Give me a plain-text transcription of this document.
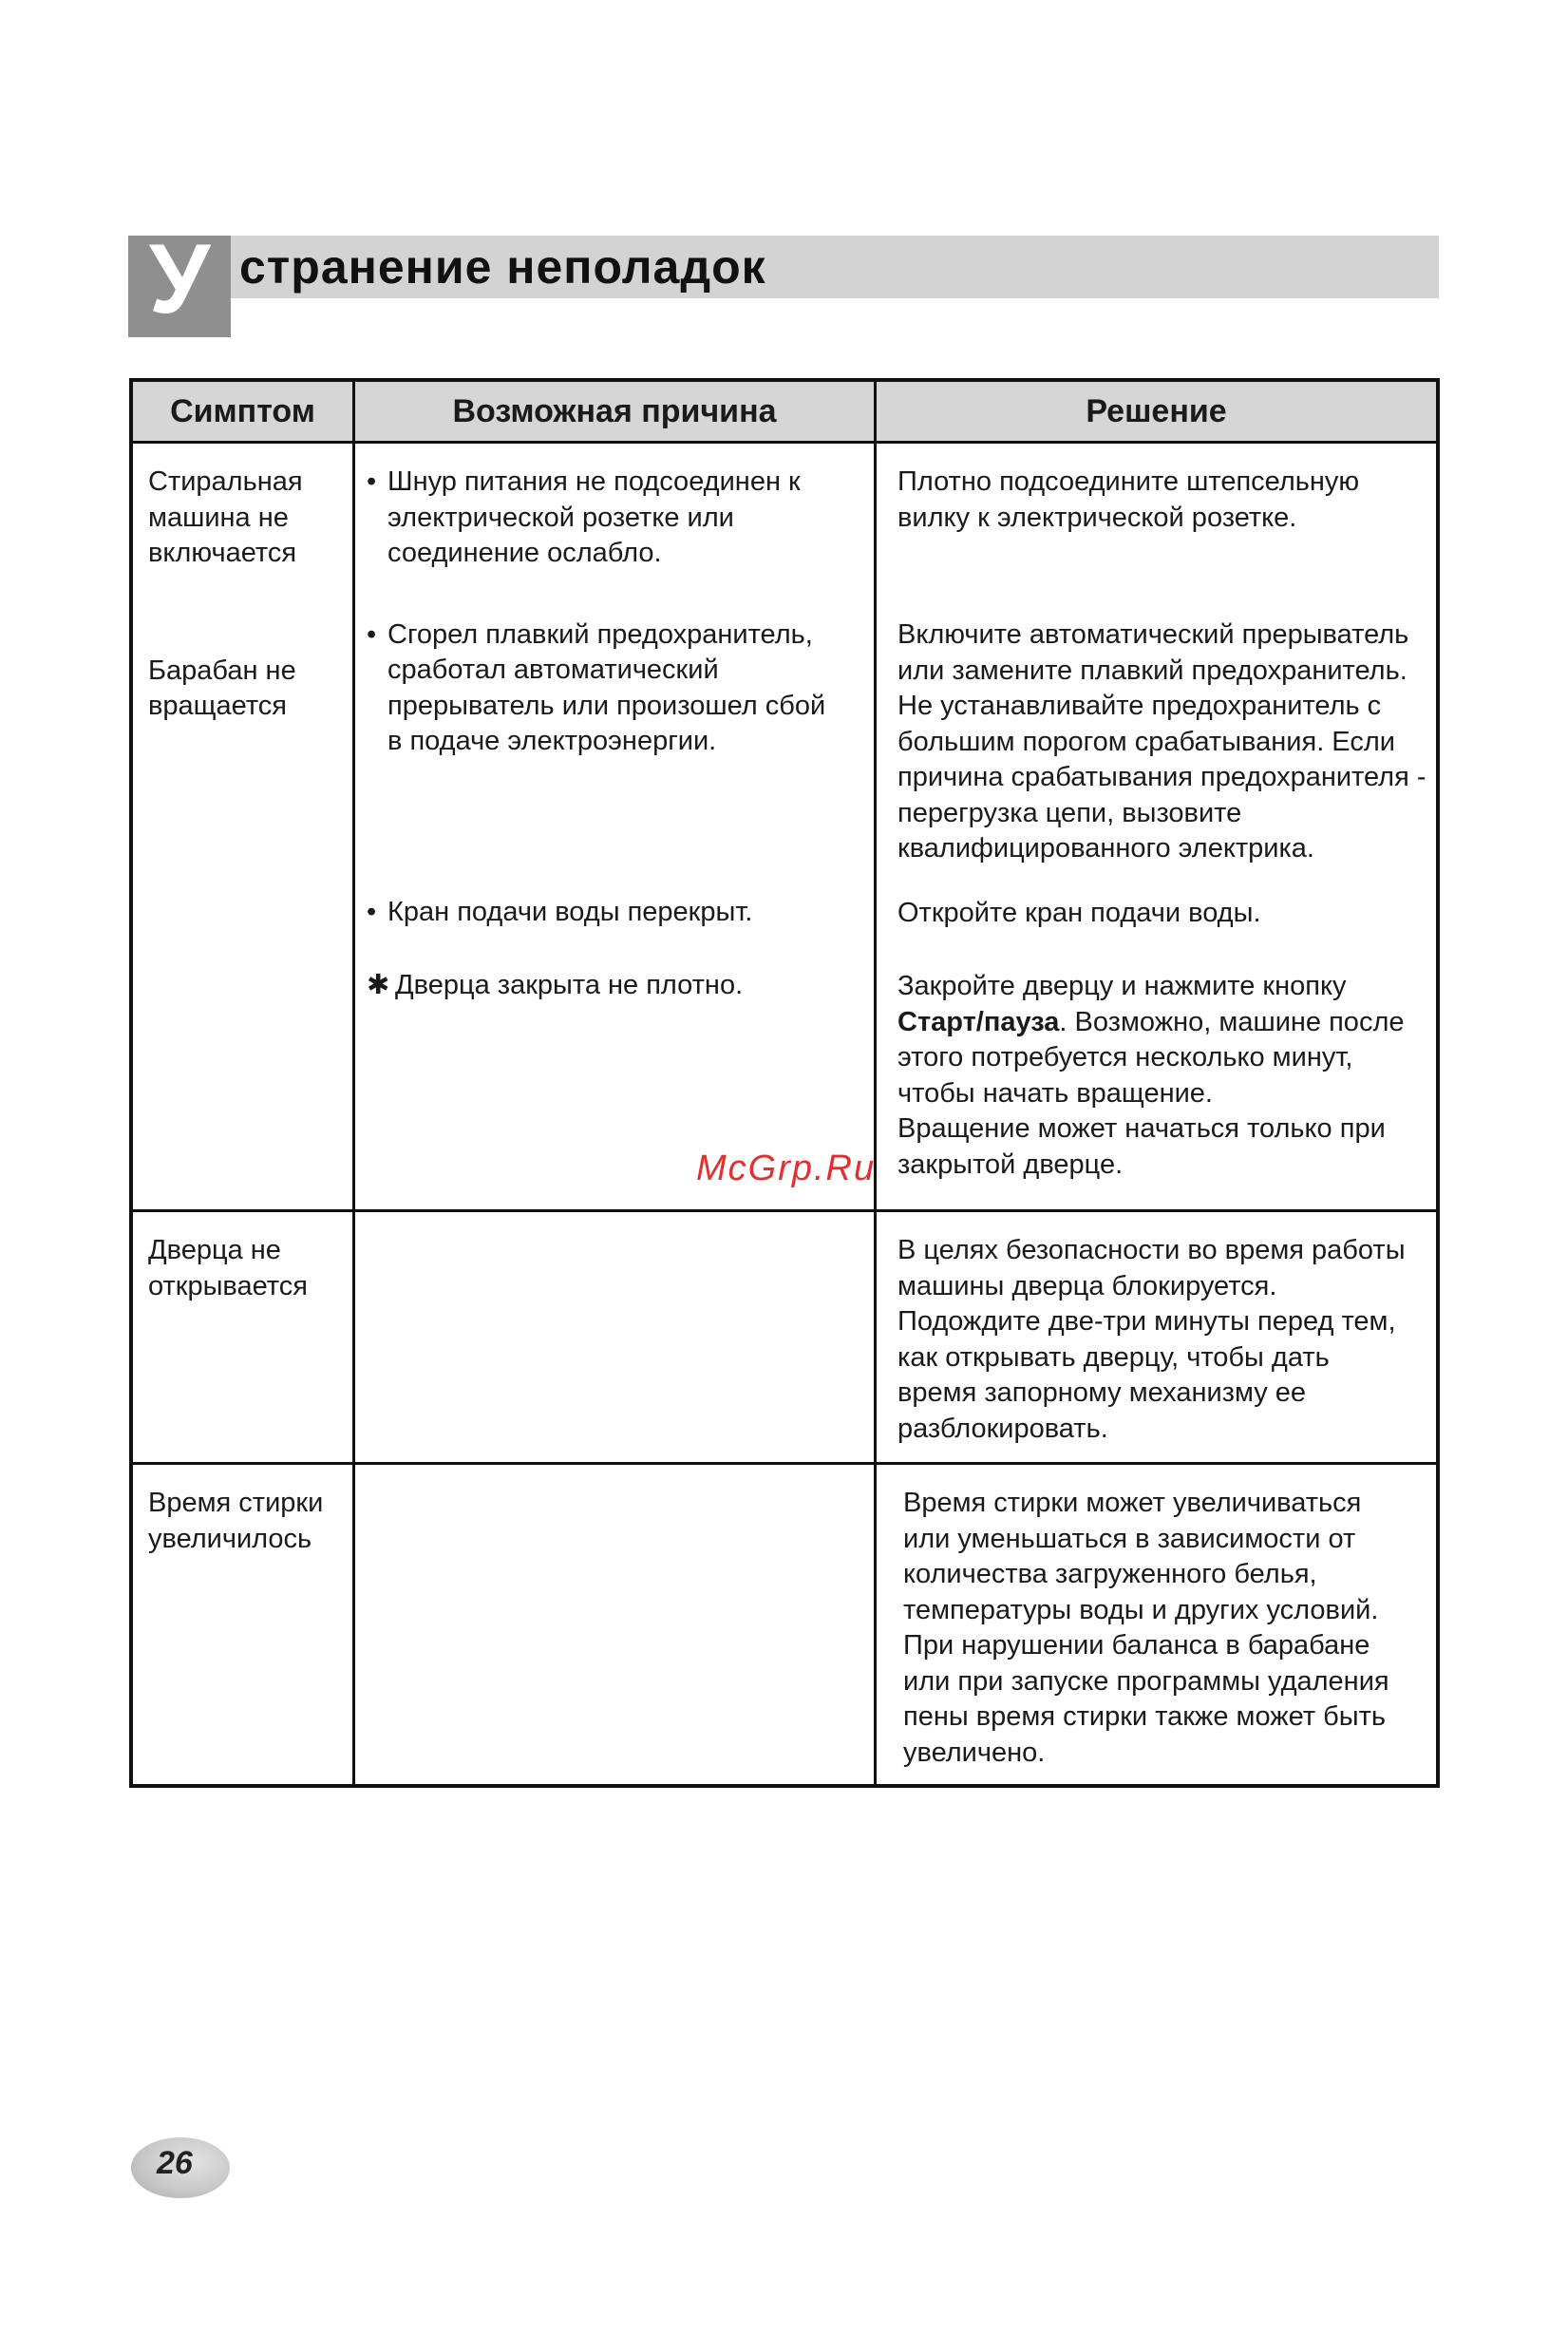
У странение неполадок
Симптом	Возможная причина	Решение
Стиральная
машина не
включается
Барабан не
вращается
• Шнур питания не подсоединен к
электрической розетке или
соединение ослабло.
• Сгорел плавкий предохранитель,
сработал автоматический
прерыватель или произошел сбой
в подаче электроэнергии.
• Кран подачи воды перекрыт.
✱ Дверца закрыта не плотно.
Плотно подсоедините штепсельную
вилку к электрической розетке.
Включите автоматический прерыватель
или замените плавкий предохранитель.
Не устанавливайте предохранитель с
большим порогом срабатывания. Если
причина срабатывания предохранителя -
перегрузка цепи, вызовите
квалифицированного электрика.
Откройте кран подачи воды.
Закройте дверцу и нажмите кнопку
Старт/пауза. Возможно, машине после
этого потребуется несколько минут,
чтобы начать вращение.
Вращение может начаться только при
закрытой дверце.
Дверца не
открывается
В целях безопасности во время работы
машины дверца блокируется.
Подождите две-три минуты перед тем,
как открывать дверцу, чтобы дать
время запорному механизму ее
разблокировать.
Время стирки
увеличилось
Время стирки может увеличиваться
или уменьшаться в зависимости от
количества загруженного белья,
температуры воды и других условий.
При нарушении баланса в барабане
или при запуске программы удаления
пены время стирки также может быть
увеличено.
McGrp.Ru
26
